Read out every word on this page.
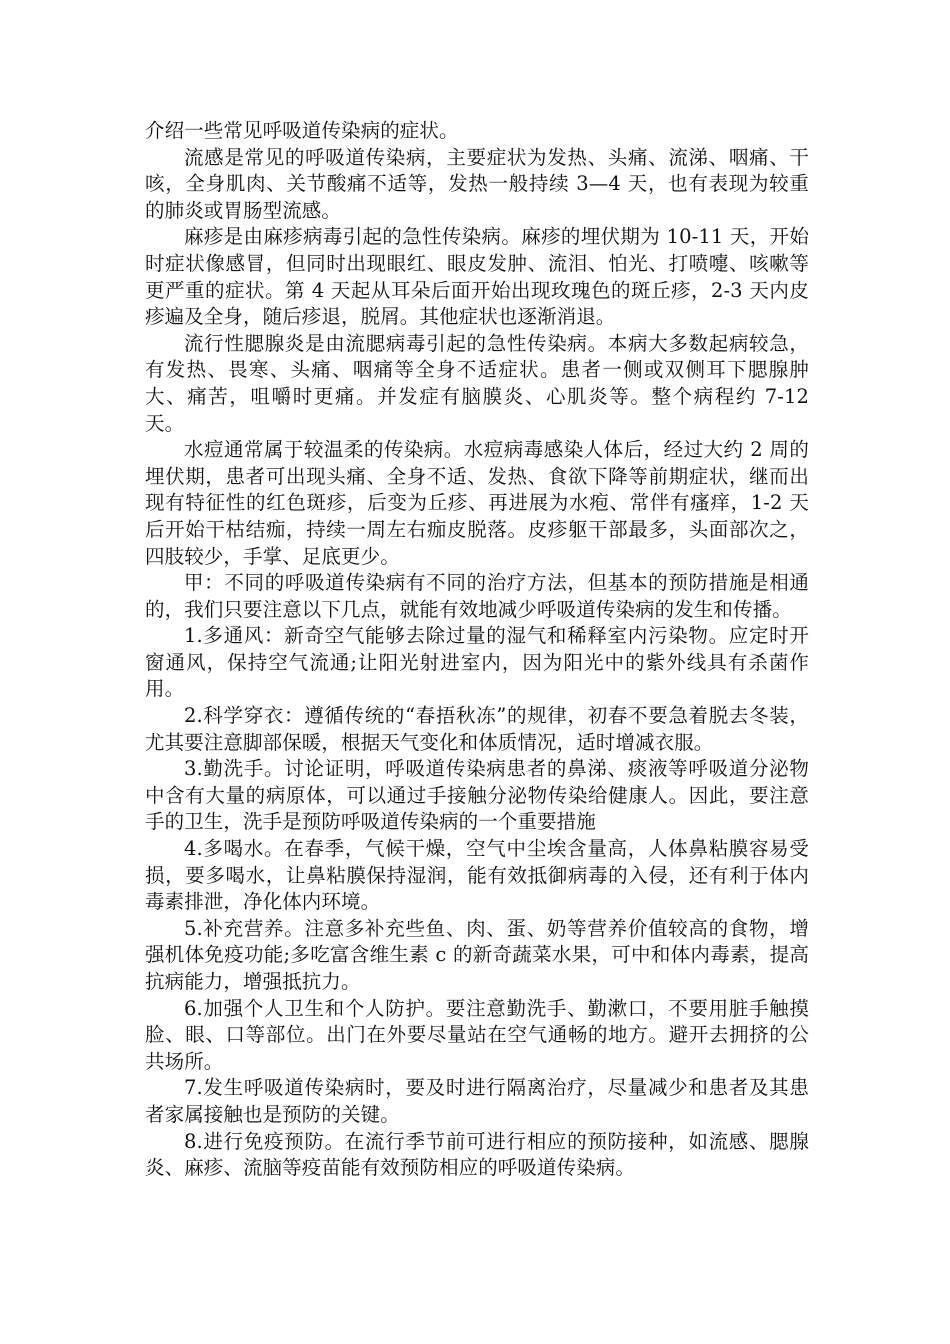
介绍一些常见呼吸道传染病的症状。

流感是常见的呼吸道传染病，主要症状为发热、头痛、流涕、咽痛、干咳，全身肌肉、关节酸痛不适等，发热一般持续 3—4 天，也有表现为较重的肺炎或胃肠型流感。

麻疹是由麻疹病毒引起的急性传染病。麻疹的埋伏期为 10-11 天，开始时症状像感冒，但同时出现眼红、眼皮发肿、流泪、怕光、打喷嚏、咳嗽等更严重的症状。第 4 天起从耳朵后面开始出现玫瑰色的斑丘疹，2-3 天内皮疹遍及全身，随后疹退，脱屑。其他症状也逐渐消退。

流行性腮腺炎是由流腮病毒引起的急性传染病。本病大多数起病较急，有发热、畏寒、头痛、咽痛等全身不适症状。患者一侧或双侧耳下腮腺肿大、痛苦，咀嚼时更痛。并发症有脑膜炎、心肌炎等。整个病程约 7-12 天。

水痘通常属于较温柔的传染病。水痘病毒感染人体后，经过大约 2 周的埋伏期，患者可出现头痛、全身不适、发热、食欲下降等前期症状，继而出现有特征性的红色斑疹，后变为丘疹、再进展为水疱、常伴有瘙痒，1-2 天后开始干枯结痂，持续一周左右痂皮脱落。皮疹躯干部最多，头面部次之，四肢较少，手掌、足底更少。

甲：不同的呼吸道传染病有不同的治疗方法，但基本的预防措施是相通的，我们只要注意以下几点，就能有效地减少呼吸道传染病的发生和传播。

1.多通风：新奇空气能够去除过量的湿气和稀释室内污染物。应定时开窗通风，保持空气流通;让阳光射进室内，因为阳光中的紫外线具有杀菌作用。

2.科学穿衣：遵循传统的“春捂秋冻”的规律，初春不要急着脱去冬装，尤其要注意脚部保暖，根据天气变化和体质情况，适时增减衣服。

3.勤洗手。讨论证明，呼吸道传染病患者的鼻涕、痰液等呼吸道分泌物中含有大量的病原体，可以通过手接触分泌物传染给健康人。因此，要注意手的卫生，洗手是预防呼吸道传染病的一个重要措施

4.多喝水。在春季，气候干燥，空气中尘埃含量高，人体鼻粘膜容易受损，要多喝水，让鼻粘膜保持湿润，能有效抵御病毒的入侵，还有利于体内毒素排泄，净化体内环境。

5.补充营养。注意多补充些鱼、肉、蛋、奶等营养价值较高的食物，增强机体免疫功能;多吃富含维生素 c 的新奇蔬菜水果，可中和体内毒素，提高抗病能力，增强抵抗力。

6.加强个人卫生和个人防护。要注意勤洗手、勤漱口，不要用脏手触摸脸、眼、口等部位。出门在外要尽量站在空气通畅的地方。避开去拥挤的公共场所。

7.发生呼吸道传染病时，要及时进行隔离治疗，尽量减少和患者及其患者家属接触也是预防的关键。

8.进行免疫预防。在流行季节前可进行相应的预防接种，如流感、腮腺炎、麻疹、流脑等疫苗能有效预防相应的呼吸道传染病。
